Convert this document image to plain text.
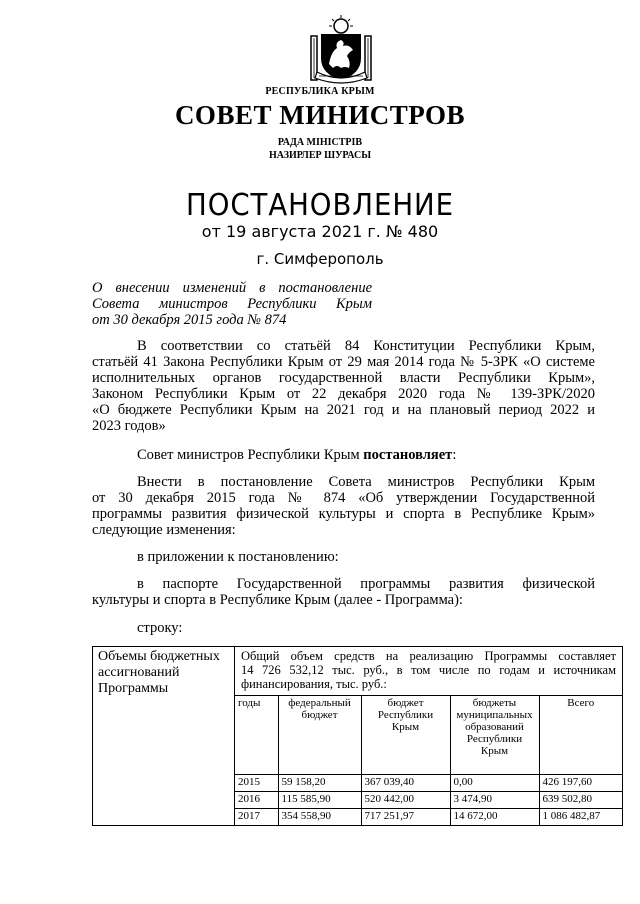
РЕСПУБЛИКА КРЫМ
СОВЕТ МИНИСТРОВ
РАДА МІНІСТРІВ
НАЗИРЛЕР ШУРАСЫ
ПОСТАНОВЛЕНИЕ
от 19 августа 2021 г. № 480
г. Симферополь
О внесении изменений в постановление
Совета министров Республики Крым
от 30 декабря 2015 года № 874
В соответствии со статьёй 84 Конституции Республики Крым,
статьёй 41 Закона Республики Крым от 29 мая 2014 года № 5-ЗРК «О системе
исполнительных органов государственной власти Республики Крым»,
Законом Республики Крым от 22 декабря 2020 года № 139-ЗРК/2020
«О бюджете Республики Крым на 2021 год и на плановый период 2022 и
2023 годов»
Совет министров Республики Крым постановляет:
Внести в постановление Совета министров Республики Крым
от 30 декабря 2015 года № 874 «Об утверждении Государственной
программы развития физической культуры и спорта в Республике Крым»
следующие изменения:
в приложении к постановлению:
в паспорте Государственной программы развития физической
культуры и спорта в Республике Крым (далее - Программа):
строку:
Объемы бюджетных ассигнований Программы	
Общий объем средств на реализацию Программы составляет
14 726 532,12 тыс. руб., в том числе по годам и источникам
финансирования, тыс. руб.:
годы	федеральный бюджет	бюджет Республики Крым	бюджеты муниципальных образований Республики Крым	Всего
2015	59 158,20	367 039,40	0,00	426 197,60
2016	115 585,90	520 442,00	3 474,90	639 502,80
2017	354 558,90	717 251,97	14 672,00	1 086 482,87
